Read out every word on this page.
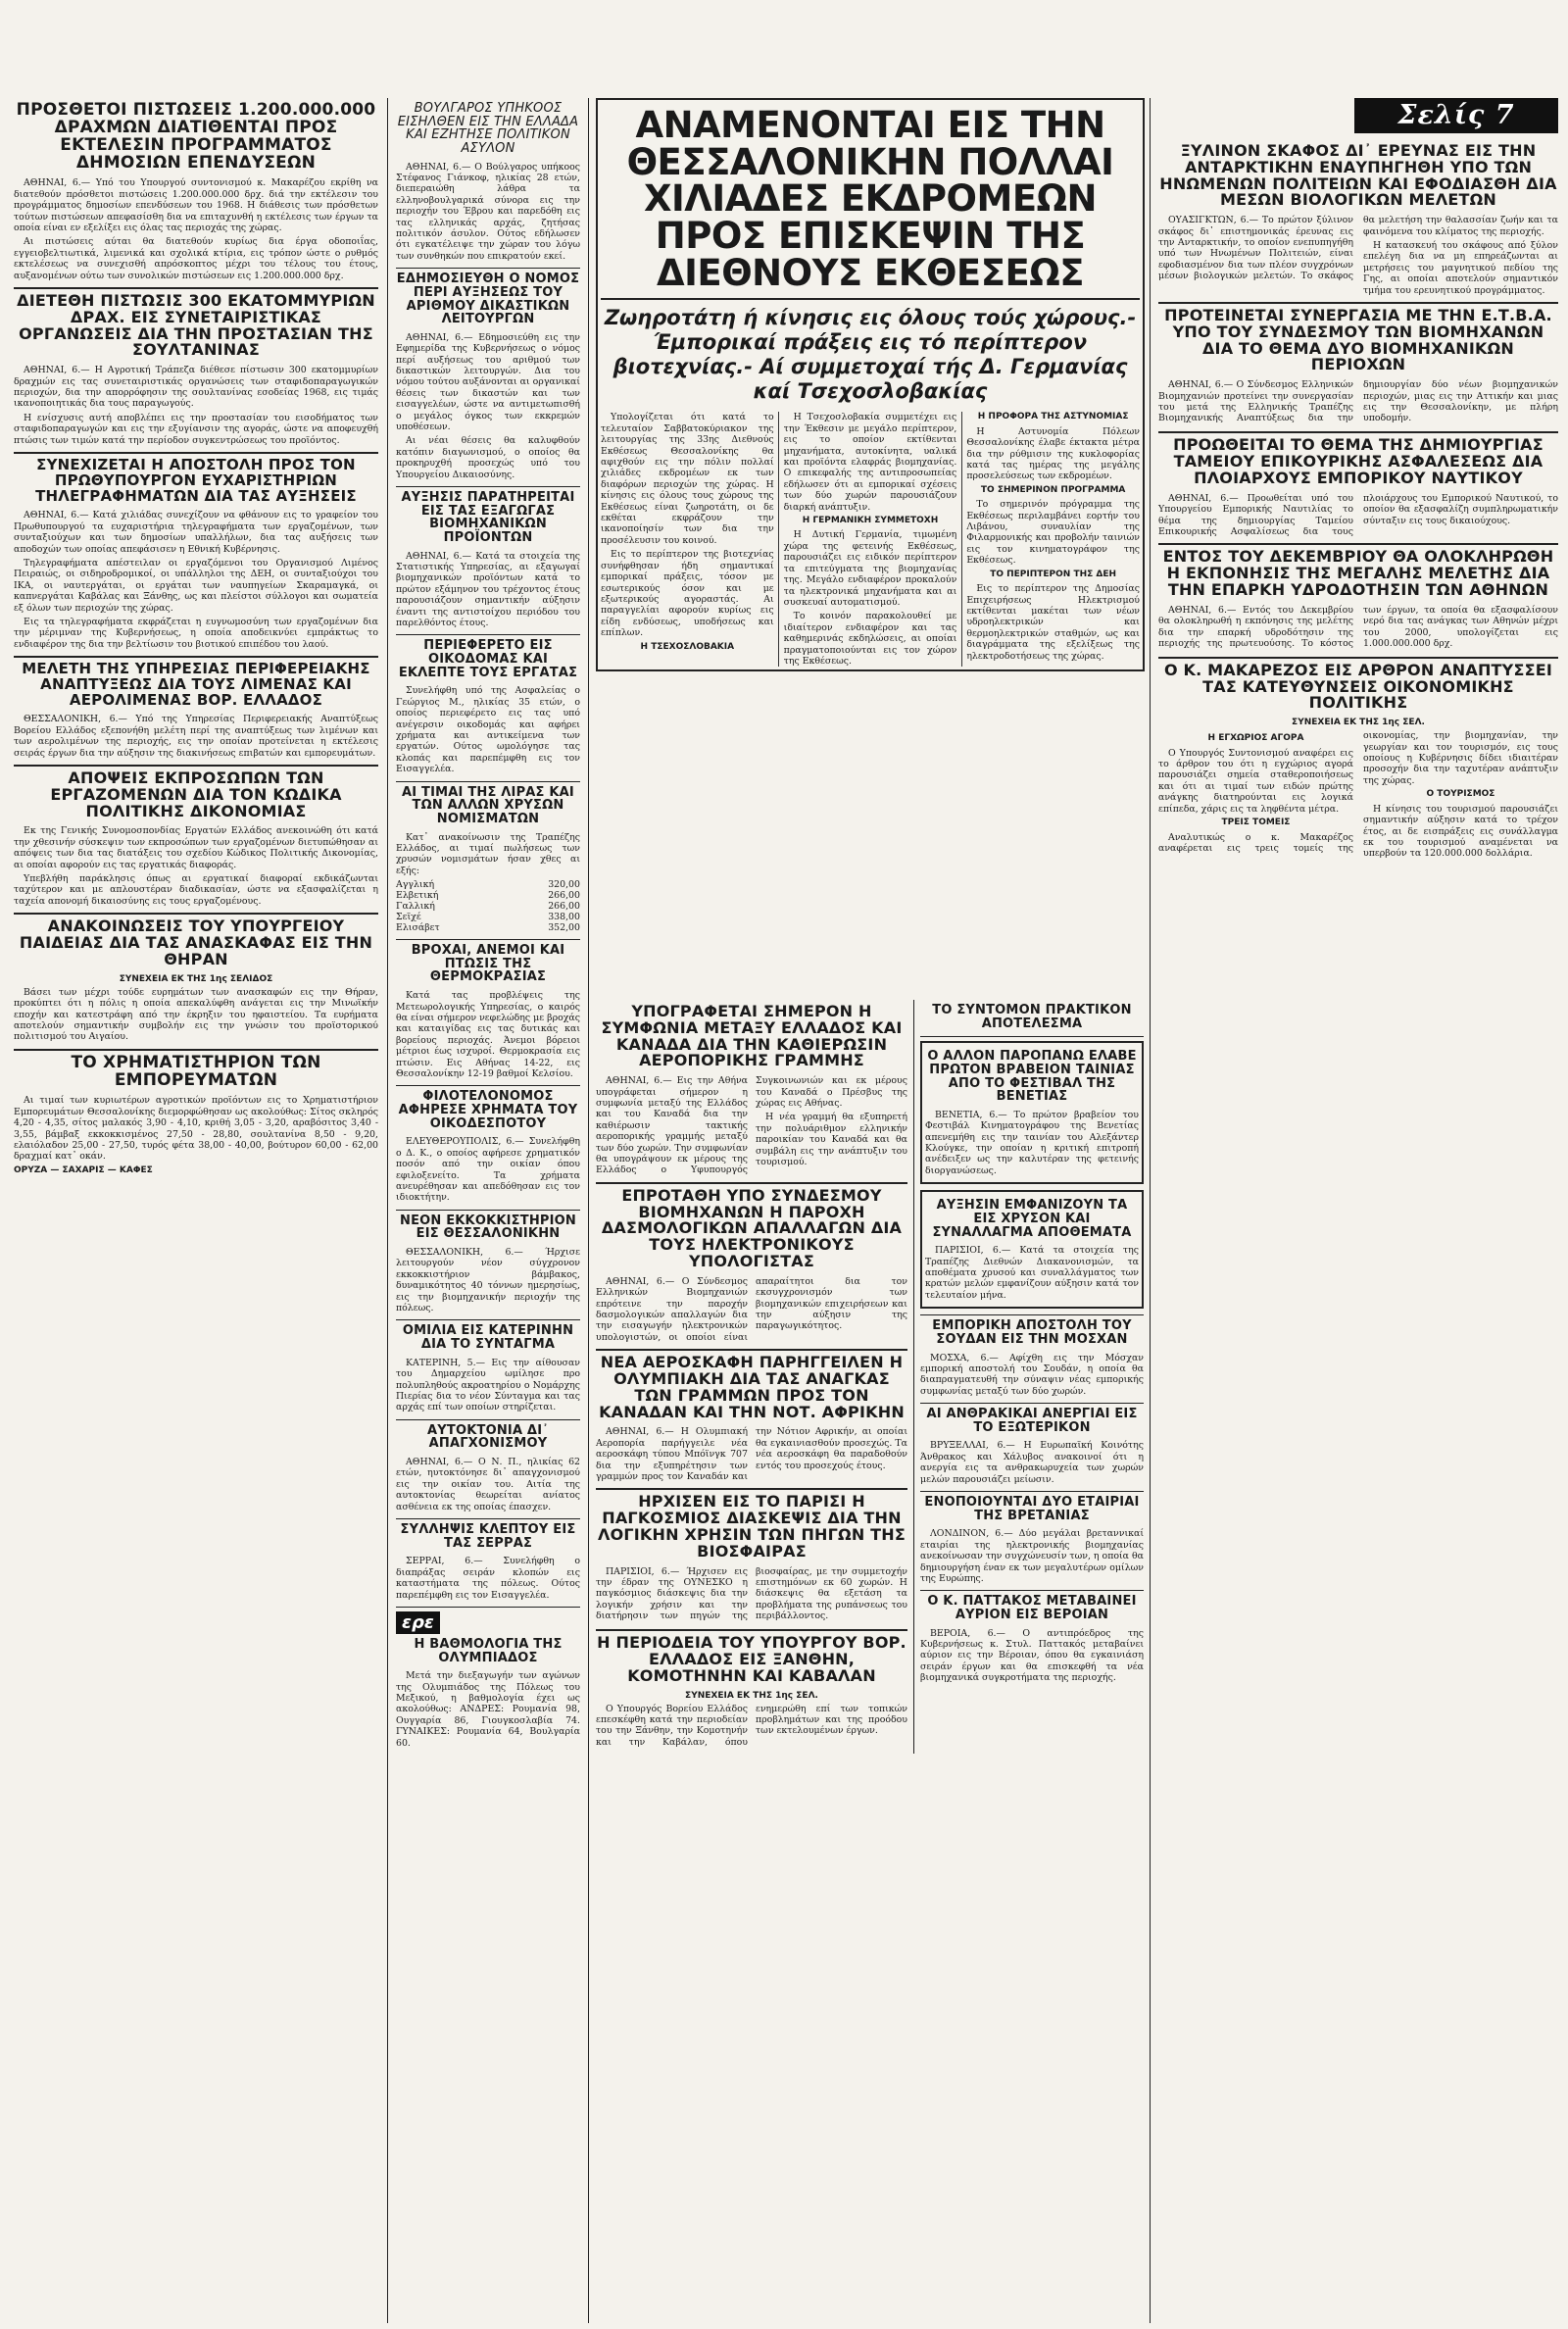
Σελίς 7
ΠΡΟΣΘΕΤΟΙ ΠΙΣΤΩΣΕΙΣ 1.200.000.000 ΔΡΑΧΜΩΝ ΔΙΑΤΙΘΕΝΤΑΙ ΠΡΟΣ ΕΚΤΕΛΕΣΙΝ ΠΡΟΓΡΑΜΜΑΤΟΣ ΔΗΜΟΣΙΩΝ ΕΠΕΝΔΥΣΕΩΝ

ΑΘΗΝΑΙ, 6.— Υπό του Υπουργού συντονισμού κ. Μακαρέζου εκρίθη να διατεθούν πρόσθετοι πιστώσεις 1.200.000.000 δρχ. διά την εκτέλεσιν του προγράμματος δημοσίων επενδύσεων του 1968. Η διάθεσις των πρόσθετων τούτων πιστώσεων απεφασίσθη δια να επιταχυνθή η εκτέλεσις των έργων τα οποία είναι εν εξελίξει εις όλας τας περιοχάς της χώρας.

Αι πιστώσεις αύται θα διατεθούν κυρίως δια έργα οδοποιΐας, εγγειοβελτιωτικά, λιμενικά και σχολικά κτίρια, εις τρόπον ώστε ο ρυθμός εκτελέσεως να συνεχισθή απρόσκοπτος μέχρι του τέλους του έτους, αυξανομένων ούτω των συνολικών πιστώσεων εις 1.200.000.000 δρχ.

ΔΙΕΤΕΘΗ ΠΙΣΤΩΣΙΣ 300 ΕΚΑΤΟΜΜΥΡΙΩΝ ΔΡΑΧ. ΕΙΣ ΣΥΝΕΤΑΙΡΙΣΤΙΚΑΣ ΟΡΓΑΝΩΣΕΙΣ ΔΙΑ ΤΗΝ ΠΡΟΣΤΑΣΙΑΝ ΤΗΣ ΣΟΥΛΤΑΝΙΝΑΣ

ΑΘΗΝΑΙ, 6.— Η Αγροτική Τράπεζα διέθεσε πίστωσιν 300 εκατομμυρίων δραχμών εις τας συνεταιριστικάς οργανώσεις των σταφιδοπαραγωγικών περιοχών, δια την απορρόφησιν της σουλτανίνας εσοδείας 1968, εις τιμάς ικανοποιητικάς δια τους παραγωγούς.

Η ενίσχυσις αυτή αποβλέπει εις την προστασίαν του εισοδήματος των σταφιδοπαραγωγών και εις την εξυγίανσιν της αγοράς, ώστε να αποφευχθή πτώσις των τιμών κατά την περίοδον συγκεντρώσεως του προϊόντος.

ΣΥΝΕΧΙΖΕΤΑΙ Η ΑΠΟΣΤΟΛΗ ΠΡΟΣ ΤΟΝ ΠΡΩΘΥΠΟΥΡΓΟΝ ΕΥΧΑΡΙΣΤΗΡΙΩΝ ΤΗΛΕΓΡΑΦΗΜΑΤΩΝ ΔΙΑ ΤΑΣ ΑΥΞΗΣΕΙΣ

ΑΘΗΝΑΙ, 6.— Κατά χιλιάδας συνεχίζουν να φθάνουν εις το γραφείον του Πρωθυπουργού τα ευχαριστήρια τηλεγραφήματα των εργαζομένων, των συνταξιούχων και των δημοσίων υπαλλήλων, δια τας αυξήσεις των αποδοχών των οποίας απεφάσισεν η Εθνική Κυβέρνησις.

Τηλεγραφήματα απέστειλαν οι εργαζόμενοι του Οργανισμού Λιμένος Πειραιώς, οι σιδηροδρομικοί, οι υπάλληλοι της ΔΕΗ, οι συνταξιούχοι του ΙΚΑ, οι ναυτεργάται, οι εργάται των ναυπηγείων Σκαραμαγκά, οι καπνεργάται Καβάλας και Ξάνθης, ως και πλείστοι σύλλογοι και σωματεία εξ όλων των περιοχών της χώρας.

Εις τα τηλεγραφήματα εκφράζεται η ευγνωμοσύνη των εργαζομένων δια την μέριμναν της Κυβερνήσεως, η οποία αποδεικνύει εμπράκτως το ενδιαφέρον της δια την βελτίωσιν του βιοτικού επιπέδου του λαού.

ΜΕΛΕΤΗ ΤΗΣ ΥΠΗΡΕΣΙΑΣ ΠΕΡΙΦΕΡΕΙΑΚΗΣ ΑΝΑΠΤΥΞΕΩΣ ΔΙΑ ΤΟΥΣ ΛΙΜΕΝΑΣ ΚΑΙ ΑΕΡΟΛΙΜΕΝΑΣ ΒΟΡ. ΕΛΛΑΔΟΣ

ΘΕΣΣΑΛΟΝΙΚΗ, 6.— Υπό της Υπηρεσίας Περιφερειακής Αναπτύξεως Βορείου Ελλάδος εξεπονήθη μελέτη περί της αναπτύξεως των λιμένων και των αερολιμένων της περιοχής, εις την οποίαν προτείνεται η εκτέλεσις σειράς έργων δια την αύξησιν της διακινήσεως επιβατών και εμπορευμάτων.

ΑΠΟΨΕΙΣ ΕΚΠΡΟΣΩΠΩΝ ΤΩΝ ΕΡΓΑΖΟΜΕΝΩΝ ΔΙΑ ΤΟΝ ΚΩΔΙΚΑ ΠΟΛΙΤΙΚΗΣ ΔΙΚΟΝΟΜΙΑΣ

Εκ της Γενικής Συνομοσπονδίας Εργατών Ελλάδος ανεκοινώθη ότι κατά την χθεσινήν σύσκεψιν των εκπροσώπων των εργαζομένων διετυπώθησαν αι απόψεις των δια τας διατάξεις του σχεδίου Κώδικος Πολιτικής Δικονομίας, αι οποίαι αφορούν εις τας εργατικάς διαφοράς.

Υπεβλήθη παράκλησις όπως αι εργατικαί διαφοραί εκδικάζωνται ταχύτερον και με απλουστέραν διαδικασίαν, ώστε να εξασφαλίζεται η ταχεία απονομή δικαιοσύνης εις τους εργαζομένους.

ΑΝΑΚΟΙΝΩΣΕΙΣ ΤΟΥ ΥΠΟΥΡΓΕΙΟΥ ΠΑΙΔΕΙΑΣ ΔΙΑ ΤΑΣ ΑΝΑΣΚΑΦΑΣ ΕΙΣ ΤΗΝ ΘΗΡΑΝ
ΣΥΝΕΧΕΙΑ ΕΚ ΤΗΣ 1ης ΣΕΛΙΔΟΣ

Βάσει των μέχρι τούδε ευρημάτων των ανασκαφών εις την Θήραν, προκύπτει ότι η πόλις η οποία απεκαλύφθη ανάγεται εις την Μινωϊκήν εποχήν και κατεστράφη από την έκρηξιν του ηφαιστείου. Τα ευρήματα αποτελούν σημαντικήν συμβολήν εις την γνώσιν του προϊστορικού πολιτισμού του Αιγαίου.

ΤΟ ΧΡΗΜΑΤΙΣΤΗΡΙΟΝ ΤΩΝ ΕΜΠΟΡΕΥΜΑΤΩΝ

Αι τιμαί των κυριωτέρων αγροτικών προϊόντων εις το Χρηματιστήριον Εμπορευμάτων Θεσσαλονίκης διεμορφώθησαν ως ακολούθως: Σίτος σκληρός 4,20 - 4,35, σίτος μαλακός 3,90 - 4,10, κριθή 3,05 - 3,20, αραβόσιτος 3,40 - 3,55, βάμβαξ εκκοκκισμένος 27,50 - 28,80, σουλτανίνα 8,50 - 9,20, ελαιόλαδον 25,00 - 27,50, τυρός φέτα 38,00 - 40,00, βούτυρον 60,00 - 62,00 δραχμαί κατ᾽ οκάν.

ΟΡΥΖΑ — ΣΑΧΑΡΙΣ — ΚΑΦΕΣ
ΒΟΥΛΓΑΡΟΣ ΥΠΗΚΟΟΣ ΕΙΣΗΛΘΕΝ ΕΙΣ ΤΗΝ ΕΛΛΑΔΑ ΚΑΙ ΕΖΗΤΗΣΕ ΠΟΛΙΤΙΚΟΝ ΑΣΥΛΟΝ

ΑΘΗΝΑΙ, 6.— Ο Βούλγαρος υπήκοος Στέφανος Γιάνκοφ, ηλικίας 28 ετών, διεπεραιώθη λάθρα τα ελληνοβουλγαρικά σύνορα εις την περιοχήν του Έβρου και παρεδόθη εις τας ελληνικάς αρχάς, ζητήσας πολιτικόν άσυλον. Ούτος εδήλωσεν ότι εγκατέλειψε την χώραν του λόγω των συνθηκών που επικρατούν εκεί.

ΕΔΗΜΟΣΙΕΥΘΗ Ο ΝΟΜΟΣ ΠΕΡΙ ΑΥΞΗΣΕΩΣ ΤΟΥ ΑΡΙΘΜΟΥ ΔΙΚΑΣΤΙΚΩΝ ΛΕΙΤΟΥΡΓΩΝ

ΑΘΗΝΑΙ, 6.— Εδημοσιεύθη εις την Εφημερίδα της Κυβερνήσεως ο νόμος περί αυξήσεως του αριθμού των δικαστικών λειτουργών. Δια του νόμου τούτου αυξάνονται αι οργανικαί θέσεις των δικαστών και των εισαγγελέων, ώστε να αντιμετωπισθή ο μεγάλος όγκος των εκκρεμών υποθέσεων.

Αι νέαι θέσεις θα καλυφθούν κατόπιν διαγωνισμού, ο οποίος θα προκηρυχθή προσεχώς υπό του Υπουργείου Δικαιοσύνης.

ΑΥΞΗΣΙΣ ΠΑΡΑΤΗΡΕΙΤΑΙ ΕΙΣ ΤΑΣ ΕΞΑΓΩΓΑΣ ΒΙΟΜΗΧΑΝΙΚΩΝ ΠΡΟΪΟΝΤΩΝ

ΑΘΗΝΑΙ, 6.— Κατά τα στοιχεία της Στατιστικής Υπηρεσίας, αι εξαγωγαί βιομηχανικών προϊόντων κατά το πρώτον εξάμηνον του τρέχοντος έτους παρουσιάζουν σημαντικήν αύξησιν έναντι της αντιστοίχου περιόδου του παρελθόντος έτους.

ΠΕΡΙΕΦΕΡΕΤΟ ΕΙΣ ΟΙΚΟΔΟΜΑΣ ΚΑΙ ΕΚΛΕΠΤΕ ΤΟΥΣ ΕΡΓΑΤΑΣ

Συνελήφθη υπό της Ασφαλείας ο Γεώργιος Μ., ηλικίας 35 ετών, ο οποίος περιεφέρετο εις τας υπό ανέγερσιν οικοδομάς και αφήρει χρήματα και αντικείμενα των εργατών. Ούτος ωμολόγησε τας κλοπάς και παρεπέμφθη εις τον Εισαγγελέα.

ΑΙ ΤΙΜΑΙ ΤΗΣ ΛΙΡΑΣ ΚΑΙ ΤΩΝ ΑΛΛΩΝ ΧΡΥΣΩΝ ΝΟΜΙΣΜΑΤΩΝ

Κατ᾽ ανακοίνωσιν της Τραπέζης Ελλάδος, αι τιμαί πωλήσεως των χρυσών νομισμάτων ήσαν χθες αι εξής:

Αγγλική	320,00
Ελβετική	266,00
Γαλλική	266,00
Σεϊχέ	338,00
Ελισάβετ	352,00
ΒΡΟΧΑΙ, ΑΝΕΜΟΙ ΚΑΙ ΠΤΩΣΙΣ ΤΗΣ ΘΕΡΜΟΚΡΑΣΙΑΣ

Κατά τας προβλέψεις της Μετεωρολογικής Υπηρεσίας, ο καιρός θα είναι σήμερον νεφελώδης με βροχάς και καταιγίδας εις τας δυτικάς και βορείους περιοχάς. Άνεμοι βόρειοι μέτριοι έως ισχυροί. Θερμοκρασία εις πτώσιν. Εις Αθήνας 14-22, εις Θεσσαλονίκην 12-19 βαθμοί Κελσίου.

ΦΙΛΟΤΕΛΟΝΟΜΟΣ ΑΦΗΡΕΣΕ ΧΡΗΜΑΤΑ ΤΟΥ ΟΙΚΟΔΕΣΠΟΤΟΥ

ΕΛΕΥΘΕΡΟΥΠΟΛΙΣ, 6.— Συνελήφθη ο Δ. Κ., ο οποίος αφήρεσε χρηματικόν ποσόν από την οικίαν όπου εφιλοξενείτο. Τα χρήματα ανευρέθησαν και απεδόθησαν εις τον ιδιοκτήτην.

ΝΕΟΝ ΕΚΚΟΚΚΙΣΤΗΡΙΟΝ ΕΙΣ ΘΕΣΣΑΛΟΝΙΚΗΝ

ΘΕΣΣΑΛΟΝΙΚΗ, 6.— Ήρχισε λειτουργούν νέον σύγχρονον εκκοκκιστήριον βάμβακος, δυναμικότητος 40 τόννων ημερησίως, εις την βιομηχανικήν περιοχήν της πόλεως.

ΟΜΙΛΙΑ ΕΙΣ ΚΑΤΕΡΙΝΗΝ ΔΙΑ ΤΟ ΣΥΝΤΑΓΜΑ

ΚΑΤΕΡΙΝΗ, 5.— Εις την αίθουσαν του Δημαρχείου ωμίλησε προ πολυπληθούς ακροατηρίου ο Νομάρχης Πιερίας δια το νέον Σύνταγμα και τας αρχάς επί των οποίων στηρίζεται.

ΑΥΤΟΚΤΟΝΙΑ ΔΙ᾽ ΑΠΑΓΧΟΝΙΣΜΟΥ

ΑΘΗΝΑΙ, 6.— Ο Ν. Π., ηλικίας 62 ετών, ηυτοκτόνησε δι᾽ απαγχονισμού εις την οικίαν του. Αιτία της αυτοκτονίας θεωρείται ανίατος ασθένεια εκ της οποίας έπασχεν.

ΣΥΛΛΗΨΙΣ ΚΛΕΠΤΟΥ ΕΙΣ ΤΑΣ ΣΕΡΡΑΣ

ΣΕΡΡΑΙ, 6.— Συνελήφθη ο διαπράξας σειράν κλοπών εις καταστήματα της πόλεως. Ούτος παρεπέμφθη εις τον Εισαγγελέα.

ερε
Η ΒΑΘΜΟΛΟΓΙΑ ΤΗΣ ΟΛΥΜΠΙΑΔΟΣ

Μετά την διεξαγωγήν των αγώνων της Ολυμπιάδος της Πόλεως του Μεξικού, η βαθμολογία έχει ως ακολούθως: ΑΝΔΡΕΣ: Ρουμανία 98, Ουγγαρία 86, Γιουγκοσλαβία 74. ΓΥΝΑΙΚΕΣ: Ρουμανία 64, Βουλγαρία 60.

ΑΝΑΜΕΝΟΝΤΑΙ ΕΙΣ ΤΗΝ ΘΕΣΣΑΛΟΝΙΚΗΝ ΠΟΛΛΑΙ ΧΙΛΙΑΔΕΣ ΕΚΔΡΟΜΕΩΝ ΠΡΟΣ ΕΠΙΣΚΕΨΙΝ ΤΗΣ ΔΙΕΘΝΟΥΣ ΕΚΘΕΣΕΩΣ
Ζωηροτάτη ή κίνησις εις όλους τούς χώρους.- Έμπορικαί πράξεις εις τό περίπτερον βιοτεχνίας.- Αί συμμετοχαί τής Δ. Γερμανίας καί Τσεχοσλοβακίας

Υπολογίζεται ότι κατά το τελευταίον Σαββατοκύριακον της λειτουργίας της 33ης Διεθνούς Εκθέσεως Θεσσαλονίκης θα αφιχθούν εις την πόλιν πολλαί χιλιάδες εκδρομέων εκ των διαφόρων περιοχών της χώρας. Η κίνησις εις όλους τους χώρους της Εκθέσεως είναι ζωηροτάτη, οι δε εκθέται εκφράζουν την ικανοποίησίν των δια την προσέλευσιν του κοινού.

Εις το περίπτερον της βιοτεχνίας συνήφθησαν ήδη σημαντικαί εμπορικαί πράξεις, τόσον με εσωτερικούς όσον και με εξωτερικούς αγοραστάς. Αι παραγγελίαι αφορούν κυρίως εις είδη ενδύσεως, υποδήσεως και επίπλων.

Η ΤΣΕΧΟΣΛΟΒΑΚΙΑ

Η Τσεχοσλοβακία συμμετέχει εις την Έκθεσιν με μεγάλο περίπτερον, εις το οποίον εκτίθενται μηχανήματα, αυτοκίνητα, υαλικά και προϊόντα ελαφράς βιομηχανίας. Ο επικεφαλής της αντιπροσωπείας εδήλωσεν ότι αι εμπορικαί σχέσεις των δύο χωρών παρουσιάζουν διαρκή ανάπτυξιν.

Η ΓΕΡΜΑΝΙΚΗ ΣΥΜΜΕΤΟΧΗ

Η Δυτική Γερμανία, τιμωμένη χώρα της φετεινής Εκθέσεως, παρουσιάζει εις ειδικόν περίπτερον τα επιτεύγματα της βιομηχανίας της. Μεγάλο ενδιαφέρον προκαλούν τα ηλεκτρονικά μηχανήματα και αι συσκευαί αυτοματισμού.

Το κοινόν παρακολουθεί με ιδιαίτερον ενδιαφέρον και τας καθημερινάς εκδηλώσεις, αι οποίαι πραγματοποιούνται εις τον χώρον της Εκθέσεως.

Η ΠΡΟΦΟΡΑ ΤΗΣ ΑΣΤΥΝΟΜΙΑΣ

Η Αστυνομία Πόλεων Θεσσαλονίκης έλαβε έκτακτα μέτρα δια την ρύθμισιν της κυκλοφορίας κατά τας ημέρας της μεγάλης προσελεύσεως των εκδρομέων.

ΤΟ ΣΗΜΕΡΙΝΟΝ ΠΡΟΓΡΑΜΜΑ

Το σημερινόν πρόγραμμα της Εκθέσεως περιλαμβάνει εορτήν του Λιβάνου, συναυλίαν της Φιλαρμονικής και προβολήν ταινιών εις τον κινηματογράφον της Εκθέσεως.

ΤΟ ΠΕΡΙΠΤΕΡΟΝ ΤΗΣ ΔΕΗ

Εις το περίπτερον της Δημοσίας Επιχειρήσεως Ηλεκτρισμού εκτίθενται μακέται των νέων υδροηλεκτρικών και θερμοηλεκτρικών σταθμών, ως και διαγράμματα της εξελίξεως της ηλεκτροδοτήσεως της χώρας.

ΥΠΟΓΡΑΦΕΤΑΙ ΣΗΜΕΡΟΝ Η ΣΥΜΦΩΝΙΑ ΜΕΤΑΞΥ ΕΛΛΑΔΟΣ ΚΑΙ ΚΑΝΑΔΑ ΔΙΑ ΤΗΝ ΚΑΘΙΕΡΩΣΙΝ ΑΕΡΟΠΟΡΙΚΗΣ ΓΡΑΜΜΗΣ

ΑΘΗΝΑΙ, 6.— Εις την Αθήνα υπογράφεται σήμερον η συμφωνία μεταξύ της Ελλάδος και του Καναδά δια την καθιέρωσιν τακτικής αεροπορικής γραμμής μεταξύ των δύο χωρών. Την συμφωνίαν θα υπογράψουν εκ μέρους της Ελλάδος ο Υφυπουργός Συγκοινωνιών και εκ μέρους του Καναδά ο Πρέσβυς της χώρας εις Αθήνας.

Η νέα γραμμή θα εξυπηρετή την πολυάριθμον ελληνικήν παροικίαν του Καναδά και θα συμβάλη εις την ανάπτυξιν του τουρισμού.

ΕΠΡΟΤΑΘΗ ΥΠΟ ΣΥΝΔΕΣΜΟΥ ΒΙΟΜΗΧΑΝΩΝ Η ΠΑΡΟΧΗ ΔΑΣΜΟΛΟΓΙΚΩΝ ΑΠΑΛΛΑΓΩΝ ΔΙΑ ΤΟΥΣ ΗΛΕΚΤΡΟΝΙΚΟΥΣ ΥΠΟΛΟΓΙΣΤΑΣ

ΑΘΗΝΑΙ, 6.— Ο Σύνδεσμος Ελληνικών Βιομηχανιών επρότεινε την παροχήν δασμολογικών απαλλαγών δια την εισαγωγήν ηλεκτρονικών υπολογιστών, οι οποίοι είναι απαραίτητοι δια τον εκσυγχρονισμόν των βιομηχανικών επιχειρήσεων και την αύξησιν της παραγωγικότητος.

ΝΕΑ ΑΕΡΟΣΚΑΦΗ ΠΑΡΗΓΓΕΙΛΕΝ Η ΟΛΥΜΠΙΑΚΗ ΔΙΑ ΤΑΣ ΑΝΑΓΚΑΣ ΤΩΝ ΓΡΑΜΜΩΝ ΠΡΟΣ ΤΟΝ ΚΑΝΑΔΑΝ ΚΑΙ ΤΗΝ ΝΟΤ. ΑΦΡΙΚΗΝ

ΑΘΗΝΑΙ, 6.— Η Ολυμπιακή Αεροπορία παρήγγειλε νέα αεροσκάφη τύπου Μπόϊνγκ 707 δια την εξυπηρέτησιν των γραμμών προς τον Καναδάν και την Νότιον Αφρικήν, αι οποίαι θα εγκαινιασθούν προσεχώς. Τα νέα αεροσκάφη θα παραδοθούν εντός του προσεχούς έτους.

ΗΡΧΙΣΕΝ ΕΙΣ ΤΟ ΠΑΡΙΣΙ Η ΠΑΓΚΟΣΜΙΟΣ ΔΙΑΣΚΕΨΙΣ ΔΙΑ ΤΗΝ ΛΟΓΙΚΗΝ ΧΡΗΣΙΝ ΤΩΝ ΠΗΓΩΝ ΤΗΣ ΒΙΟΣΦΑΙΡΑΣ

ΠΑΡΙΣΙΟΙ, 6.— Ήρχισεν εις την έδραν της ΟΥΝΕΣΚΟ η παγκόσμιος διάσκεψις δια την λογικήν χρήσιν και την διατήρησιν των πηγών της βιοσφαίρας, με την συμμετοχήν επιστημόνων εκ 60 χωρών. Η διάσκεψις θα εξετάση τα προβλήματα της ρυπάνσεως του περιβάλλοντος.

Η ΠΕΡΙΟΔΕΙΑ ΤΟΥ ΥΠΟΥΡΓΟΥ ΒΟΡ. ΕΛΛΑΔΟΣ ΕΙΣ ΞΑΝΘΗΝ, ΚΟΜΟΤΗΝΗΝ ΚΑΙ ΚΑΒΑΛΑΝ
ΣΥΝΕΧΕΙΑ ΕΚ ΤΗΣ 1ης ΣΕΛ.

Ο Υπουργός Βορείου Ελλάδος επεσκέφθη κατά την περιοδείαν του την Ξάνθην, την Κομοτηνήν και την Καβάλαν, όπου ενημερώθη επί των τοπικών προβλημάτων και της προόδου των εκτελουμένων έργων.

ΤΟ ΣΥΝΤΟΜΟΝ ΠΡΑΚΤΙΚΟΝ ΑΠΟΤΕΛΕΣΜΑ
Ο ΑΛΛΟΝ ΠΑΡΟΠΑΝΩ ΕΛΑΒΕ ΠΡΩΤΟΝ ΒΡΑΒΕΙΟΝ ΤΑΙΝΙΑΣ ΑΠΟ ΤΟ ΦΕΣΤΙΒΑΛ ΤΗΣ ΒΕΝΕΤΙΑΣ

ΒΕΝΕΤΙΑ, 6.— Το πρώτον βραβείον του Φεστιβάλ Κινηματογράφου της Βενετίας απενεμήθη εις την ταινίαν του Αλεξάντερ Κλούγκε, την οποίαν η κριτική επιτροπή ανέδειξεν ως την καλυτέραν της φετεινής διοργανώσεως.

ΑΥΞΗΣΙΝ ΕΜΦΑΝΙΖΟΥΝ ΤΑ ΕΙΣ ΧΡΥΣΟΝ ΚΑΙ ΣΥΝΑΛΛΑΓΜΑ ΑΠΟΘΕΜΑΤΑ

ΠΑΡΙΣΙΟΙ, 6.— Κατά τα στοιχεία της Τραπέζης Διεθνών Διακανονισμών, τα αποθέματα χρυσού και συναλλάγματος των κρατών μελών εμφανίζουν αύξησιν κατά τον τελευταίον μήνα.

ΕΜΠΟΡΙΚΗ ΑΠΟΣΤΟΛΗ ΤΟΥ ΣΟΥΔΑΝ ΕΙΣ ΤΗΝ ΜΟΣΧΑΝ

ΜΟΣΧΑ, 6.— Αφίχθη εις την Μόσχαν εμπορική αποστολή του Σουδάν, η οποία θα διαπραγματευθή την σύναψιν νέας εμπορικής συμφωνίας μεταξύ των δύο χωρών.

ΑΙ ΑΝΘΡΑΚΙΚΑΙ ΑΝΕΡΓΙΑΙ ΕΙΣ ΤΟ ΕΞΩΤΕΡΙΚΟΝ

ΒΡΥΞΕΛΛΑΙ, 6.— Η Ευρωπαϊκή Κοινότης Άνθρακος και Χάλυβος ανακοινοί ότι η ανεργία εις τα ανθρακωρυχεία των χωρών μελών παρουσιάζει μείωσιν.

ΕΝΟΠΟΙΟΥΝΤΑΙ ΔΥΟ ΕΤΑΙΡΙΑΙ ΤΗΣ ΒΡΕΤΑΝΙΑΣ

ΛΟΝΔΙΝΟΝ, 6.— Δύο μεγάλαι βρεταννικαί εταιρίαι της ηλεκτρονικής βιομηχανίας ανεκοίνωσαν την συγχώνευσίν των, η οποία θα δημιουργήση έναν εκ των μεγαλυτέρων ομίλων της Ευρώπης.

Ο Κ. ΠΑΤΤΑΚΟΣ ΜΕΤΑΒΑΙΝΕΙ ΑΥΡΙΟΝ ΕΙΣ ΒΕΡΟΙΑΝ

ΒΕΡΟΙΑ, 6.— Ο αντιπρόεδρος της Κυβερνήσεως κ. Στυλ. Παττακός μεταβαίνει αύριον εις την Βέροιαν, όπου θα εγκαινιάση σειράν έργων και θα επισκεφθή τα νέα βιομηχανικά συγκροτήματα της περιοχής.

ΞΥΛΙΝΟΝ ΣΚΑΦΟΣ ΔΙ᾽ ΕΡΕΥΝΑΣ ΕΙΣ ΤΗΝ ΑΝΤΑΡΚΤΙΚΗΝ ΕΝΑΥΠΗΓΗΘΗ ΥΠΟ ΤΩΝ ΗΝΩΜΕΝΩΝ ΠΟΛΙΤΕΙΩΝ ΚΑΙ ΕΦΟΔΙΑΣΘΗ ΔΙΑ ΜΕΣΩΝ ΒΙΟΛΟΓΙΚΩΝ ΜΕΛΕΤΩΝ

ΟΥΑΣΙΓΚΤΩΝ, 6.— Το πρώτον ξύλινον σκάφος δι᾽ επιστημονικάς έρευνας εις την Ανταρκτικήν, το οποίον ενεπυπηγήθη υπό των Ηνωμένων Πολιτειών, είναι εφοδιασμένον δια των πλέον συγχρόνων μέσων βιολογικών μελετών. Το σκάφος θα μελετήση την θαλασσίαν ζωήν και τα φαινόμενα του κλίματος της περιοχής.

Η κατασκευή του σκάφους από ξύλον επελέγη δια να μη επηρεάζωνται αι μετρήσεις του μαγνητικού πεδίου της Γης, αι οποίαι αποτελούν σημαντικόν τμήμα του ερευνητικού προγράμματος.

ΠΡΟΤΕΙΝΕΤΑΙ ΣΥΝΕΡΓΑΣΙΑ ΜΕ ΤΗΝ Ε.Τ.Β.Α. ΥΠΟ ΤΟΥ ΣΥΝΔΕΣΜΟΥ ΤΩΝ ΒΙΟΜΗΧΑΝΩΝ ΔΙΑ ΤΟ ΘΕΜΑ ΔΥΟ ΒΙΟΜΗΧΑΝΙΚΩΝ ΠΕΡΙΟΧΩΝ

ΑΘΗΝΑΙ, 6.— Ο Σύνδεσμος Ελληνικών Βιομηχανιών προτείνει την συνεργασίαν του μετά της Ελληνικής Τραπέζης Βιομηχανικής Αναπτύξεως δια την δημιουργίαν δύο νέων βιομηχανικών περιοχών, μιας εις την Αττικήν και μιας εις την Θεσσαλονίκην, με πλήρη υποδομήν.

ΠΡΟΩΘΕΙΤΑΙ ΤΟ ΘΕΜΑ ΤΗΣ ΔΗΜΙΟΥΡΓΙΑΣ ΤΑΜΕΙΟΥ ΕΠΙΚΟΥΡΙΚΗΣ ΑΣΦΑΛΕΣΕΩΣ ΔΙΑ ΠΛΟΙΑΡΧΟΥΣ ΕΜΠΟΡΙΚΟΥ ΝΑΥΤΙΚΟΥ

ΑΘΗΝΑΙ, 6.— Προωθείται υπό του Υπουργείου Εμπορικής Ναυτιλίας το θέμα της δημιουργίας Ταμείου Επικουρικής Ασφαλίσεως δια τους πλοιάρχους του Εμπορικού Ναυτικού, το οποίον θα εξασφαλίζη συμπληρωματικήν σύνταξιν εις τους δικαιούχους.

ΕΝΤΟΣ ΤΟΥ ΔΕΚΕΜΒΡΙΟΥ ΘΑ ΟΛΟΚΛΗΡΩΘΗ Η ΕΚΠΟΝΗΣΙΣ ΤΗΣ ΜΕΓΑΛΗΣ ΜΕΛΕΤΗΣ ΔΙΑ ΤΗΝ ΕΠΑΡΚΗ ΥΔΡΟΔΟΤΗΣΙΝ ΤΩΝ ΑΘΗΝΩΝ

ΑΘΗΝΑΙ, 6.— Εντός του Δεκεμβρίου θα ολοκληρωθή η εκπόνησις της μελέτης δια την επαρκή υδροδότησιν της περιοχής της πρωτευούσης. Το κόστος των έργων, τα οποία θα εξασφαλίσουν νερό δια τας ανάγκας των Αθηνών μέχρι του 2000, υπολογίζεται εις 1.000.000.000 δρχ.

Ο Κ. ΜΑΚΑΡΕΖΟΣ ΕΙΣ ΑΡΘΡΟΝ ΑΝΑΠΤΥΣΣΕΙ ΤΑΣ ΚΑΤΕΥΘΥΝΣΕΙΣ ΟΙΚΟΝΟΜΙΚΗΣ ΠΟΛΙΤΙΚΗΣ
ΣΥΝΕΧΕΙΑ ΕΚ ΤΗΣ 1ης ΣΕΛ.
Η ΕΓΧΩΡΙΟΣ ΑΓΟΡΑ

Ο Υπουργός Συντονισμού αναφέρει εις το άρθρον του ότι η εγχώριος αγορά παρουσιάζει σημεία σταθεροποιήσεως και ότι αι τιμαί των ειδών πρώτης ανάγκης διατηρούνται εις λογικά επίπεδα, χάρις εις τα ληφθέντα μέτρα.

ΤΡΕΙΣ ΤΟΜΕΙΣ

Αναλυτικώς ο κ. Μακαρέζος αναφέρεται εις τρεις τομείς της οικονομίας, την βιομηχανίαν, την γεωργίαν και τον τουρισμόν, εις τους οποίους η Κυβέρνησις δίδει ιδιαιτέραν προσοχήν δια την ταχυτέραν ανάπτυξιν της χώρας.

Ο ΤΟΥΡΙΣΜΟΣ

Η κίνησις του τουρισμού παρουσιάζει σημαντικήν αύξησιν κατά το τρέχον έτος, αι δε εισπράξεις εις συνάλλαγμα εκ του τουρισμού αναμένεται να υπερβούν τα 120.000.000 δολλάρια.
